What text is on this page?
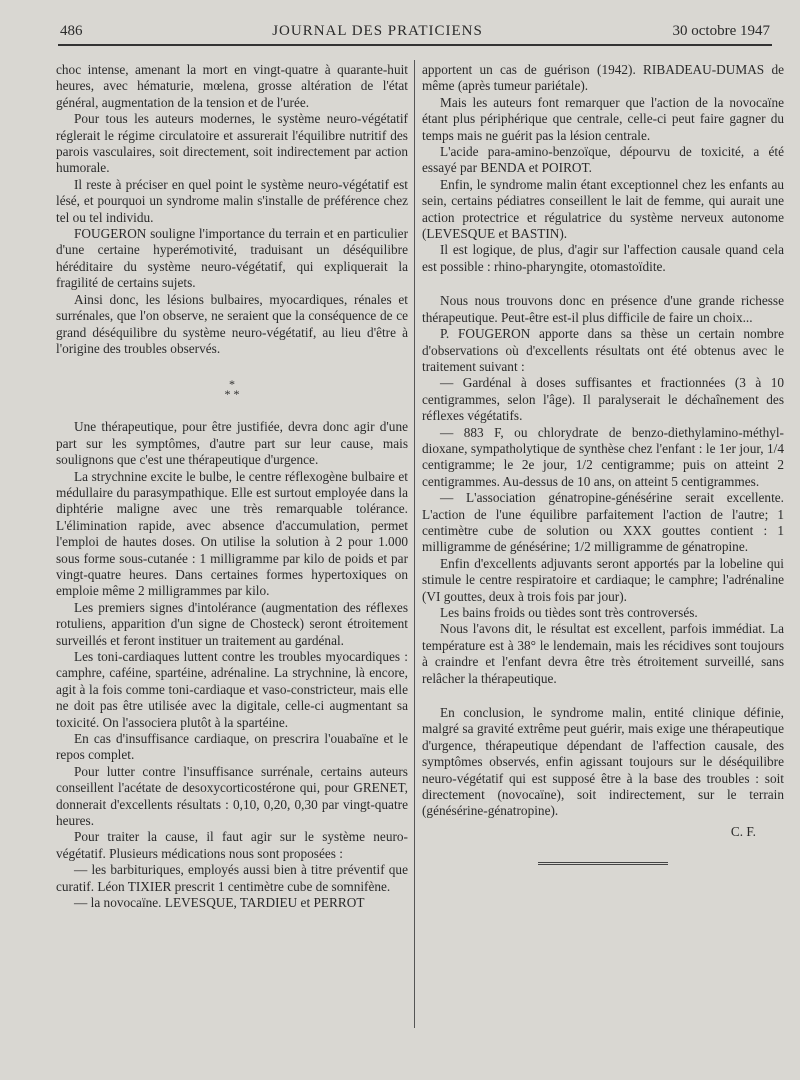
486	JOURNAL DES PRATICIENS	30 octobre 1947

choc intense, amenant la mort en vingt-quatre à quarante-huit heures, avec hématurie, mœlena, grosse altération de l'état général, augmentation de la tension et de l'urée.

Pour tous les auteurs modernes, le système neuro-végétatif réglerait le régime circulatoire et assurerait l'équilibre nutritif des parois vasculaires, soit directement, soit indirectement par action humorale.

Il reste à préciser en quel point le système neuro-végétatif est lésé, et pourquoi un syndrome malin s'installe de préférence chez tel ou tel individu.

FOUGERON souligne l'importance du terrain et en particulier d'une certaine hyperémotivité, traduisant un déséquilibre héréditaire du système neuro-végétatif, qui expliquerait la fragilité de certains sujets.

Ainsi donc, les lésions bulbaires, myocardiques, rénales et surrénales, que l'on observe, ne seraient que la conséquence de ce grand déséquilibre du système neuro-végétatif, au lieu d'être à l'origine des troubles observés.

*
* *

Une thérapeutique, pour être justifiée, devra donc agir d'une part sur les symptômes, d'autre part sur leur cause, mais soulignons que c'est une thérapeutique d'urgence.

La strychnine excite le bulbe, le centre réflexogène bulbaire et médullaire du parasympathique. Elle est surtout employée dans la diphtérie maligne avec une très remarquable tolérance. L'élimination rapide, avec absence d'accumulation, permet l'emploi de hautes doses. On utilise la solution à 2 pour 1.000 sous forme sous-cutanée : 1 milligramme par kilo de poids et par vingt-quatre heures. Dans certaines formes hypertoxiques on emploie même 2 milligrammes par kilo.

Les premiers signes d'intolérance (augmentation des réflexes rotuliens, apparition d'un signe de Chosteck) seront étroitement surveillés et feront instituer un traitement au gardénal.

Les toni-cardiaques luttent contre les troubles myocardiques : camphre, caféine, spartéine, adrénaline. La strychnine, là encore, agit à la fois comme toni-cardiaque et vaso-constricteur, mais elle ne doit pas être utilisée avec la digitale, celle-ci augmentant sa toxicité. On l'associera plutôt à la spartéine.

En cas d'insuffisance cardiaque, on prescrira l'ouabaïne et le repos complet.

Pour lutter contre l'insuffisance surrénale, certains auteurs conseillent l'acétate de desoxycorticostérone qui, pour GRENET, donnerait d'excellents résultats : 0,10, 0,20, 0,30 par vingt-quatre heures.

Pour traiter la cause, il faut agir sur le système neuro-végétatif. Plusieurs médications nous sont proposées :

— les barbituriques, employés aussi bien à titre préventif que curatif. Léon TIXIER prescrit 1 centimètre cube de somnifène.

— la novocaïne. LEVESQUE, TARDIEU et PERROT

apportent un cas de guérison (1942). RIBADEAU-DUMAS de même (après tumeur pariétale).

Mais les auteurs font remarquer que l'action de la novocaïne étant plus périphérique que centrale, celle-ci peut faire gagner du temps mais ne guérit pas la lésion centrale.

L'acide para-amino-benzoïque, dépourvu de toxicité, a été essayé par BENDA et POIROT.

Enfin, le syndrome malin étant exceptionnel chez les enfants au sein, certains pédiatres conseillent le lait de femme, qui aurait une action protectrice et régulatrice du système nerveux autonome (LEVESQUE et BASTIN).

Il est logique, de plus, d'agir sur l'affection causale quand cela est possible : rhino-pharyngite, otomastoïdite.

Nous nous trouvons donc en présence d'une grande richesse thérapeutique. Peut-être est-il plus difficile de faire un choix...

P. FOUGERON apporte dans sa thèse un certain nombre d'observations où d'excellents résultats ont été obtenus avec le traitement suivant :

— Gardénal à doses suffisantes et fractionnées (3 à 10 centigrammes, selon l'âge). Il paralyserait le déchaînement des réflexes végétatifs.

— 883 F, ou chlorydrate de benzo-diethylamino-méthyl-dioxane, sympatholytique de synthèse chez l'enfant : le 1er jour, 1/4 centigramme; le 2e jour, 1/2 centigramme; puis on atteint 2 centigrammes. Au-dessus de 10 ans, on atteint 5 centigrammes.

— L'association génatropine-génésérine serait excellente. L'action de l'une équilibre parfaitement l'action de l'autre; 1 centimètre cube de solution ou XXX gouttes contient : 1 milligramme de génésérine; 1/2 milligramme de génatropine.

Enfin d'excellents adjuvants seront apportés par la lobeline qui stimule le centre respiratoire et cardiaque; le camphre; l'adrénaline (VI gouttes, deux à trois fois par jour).

Les bains froids ou tièdes sont très controversés.

Nous l'avons dit, le résultat est excellent, parfois immédiat. La température est à 38° le lendemain, mais les récidives sont toujours à craindre et l'enfant devra être très étroitement surveillé, sans relâcher la thérapeutique.

En conclusion, le syndrome malin, entité clinique définie, malgré sa gravité extrême peut guérir, mais exige une thérapeutique d'urgence, thérapeutique dépendant de l'affection causale, des symptômes observés, enfin agissant toujours sur le déséquilibre neuro-végétatif qui est supposé être à la base des troubles : soit directement (novocaïne), soit indirectement, sur le terrain (génésérine-génatropine).

C. F.
